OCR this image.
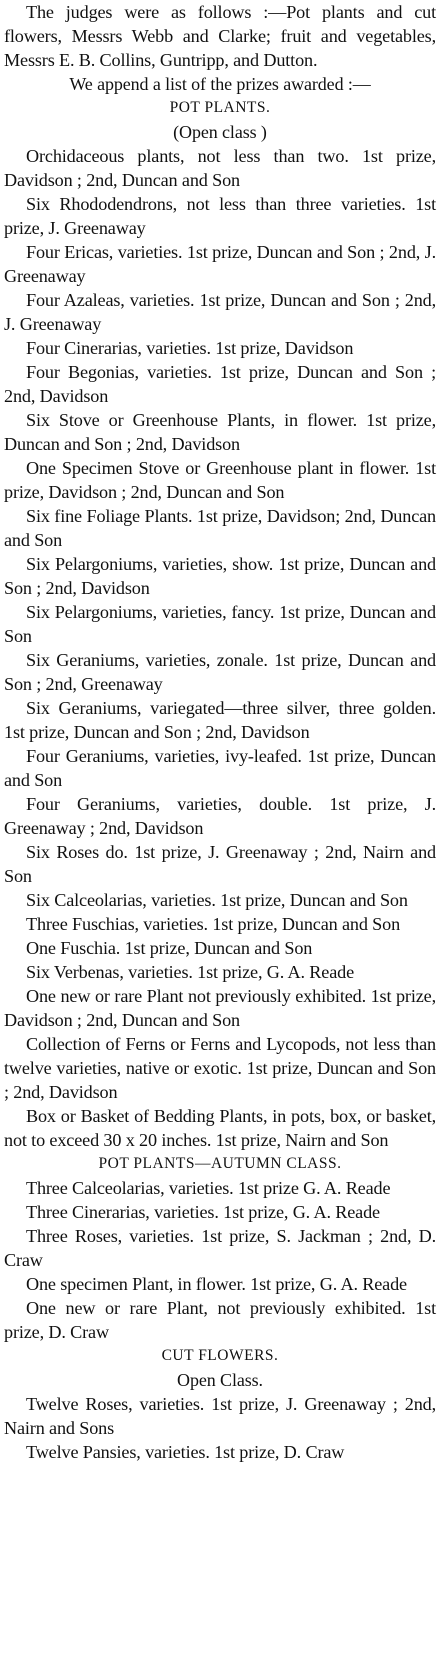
The judges were as follows :—Pot plants and cut flowers, Messrs Webb and Clarke; fruit and vegetables, Messrs E. B. Collins, Guntripp, and Dutton.

We append a list of the prizes awarded :—

POT PLANTS.

(Open class )

Orchidaceous plants, not less than two. 1st prize, Davidson ; 2nd, Duncan and Son

Six Rhododendrons, not less than three varieties. 1st prize, J. Greenaway

Four Ericas, varieties. 1st prize, Duncan and Son ; 2nd, J. Greenaway

Four Azaleas, varieties. 1st prize, Duncan and Son ; 2nd, J. Greenaway

Four Cinerarias, varieties. 1st prize, Davidson

Four Begonias, varieties. 1st prize, Duncan and Son ; 2nd, Davidson

Six Stove or Greenhouse Plants, in flower. 1st prize, Duncan and Son ; 2nd, Davidson

One Specimen Stove or Greenhouse plant in flower. 1st prize, Davidson ; 2nd, Duncan and Son

Six fine Foliage Plants. 1st prize, Davidson; 2nd, Duncan and Son

Six Pelargoniums, varieties, show. 1st prize, Duncan and Son ; 2nd, Davidson

Six Pelargoniums, varieties, fancy. 1st prize, Duncan and Son

Six Geraniums, varieties, zonale. 1st prize, Duncan and Son ; 2nd, Greenaway

Six Geraniums, variegated—three silver, three golden. 1st prize, Duncan and Son ; 2nd, Davidson

Four Geraniums, varieties, ivy-leafed. 1st prize, Duncan and Son

Four Geraniums, varieties, double. 1st prize, J. Greenaway ; 2nd, Davidson

Six Roses do. 1st prize, J. Greenaway ; 2nd, Nairn and Son

Six Calceolarias, varieties. 1st prize, Duncan and Son

Three Fuschias, varieties. 1st prize, Duncan and Son

One Fuschia. 1st prize, Duncan and Son

Six Verbenas, varieties. 1st prize, G. A. Reade

One new or rare Plant not previously exhibited. 1st prize, Davidson ; 2nd, Duncan and Son

Collection of Ferns or Ferns and Lycopods, not less than twelve varieties, native or exotic. 1st prize, Duncan and Son ; 2nd, Davidson

Box or Basket of Bedding Plants, in pots, box, or basket, not to exceed 30 x 20 inches. 1st prize, Nairn and Son

POT PLANTS—AUTUMN CLASS.

Three Calceolarias, varieties. 1st prize G. A. Reade

Three Cinerarias, varieties. 1st prize, G. A. Reade

Three Roses, varieties. 1st prize, S. Jackman ; 2nd, D. Craw

One specimen Plant, in flower. 1st prize, G. A. Reade

One new or rare Plant, not previously exhibited. 1st prize, D. Craw

CUT FLOWERS.

Open Class.

Twelve Roses, varieties. 1st prize, J. Greenaway ; 2nd, Nairn and Sons

Twelve Pansies, varieties. 1st prize, D. Craw
